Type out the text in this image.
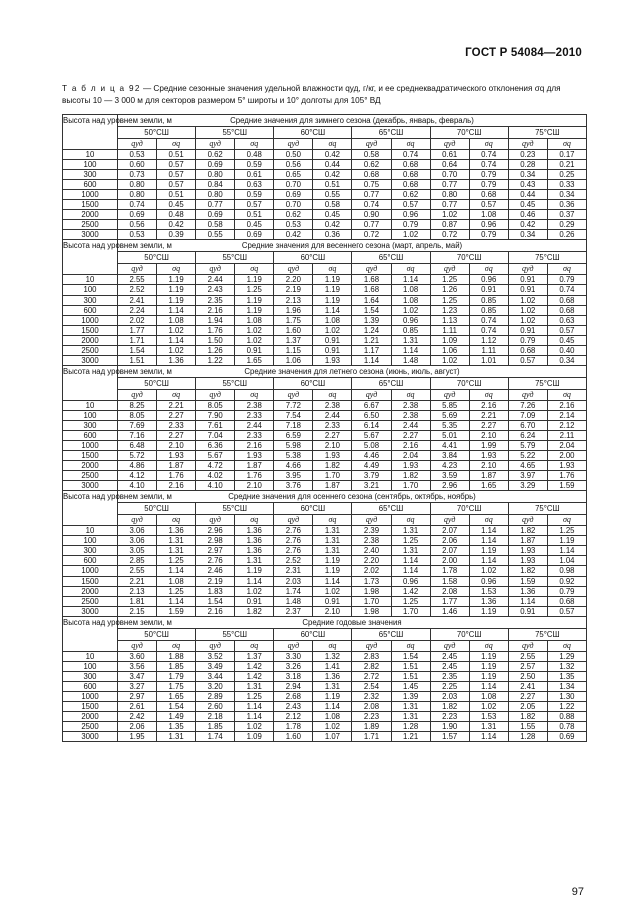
ГОСТ Р 54084—2010
Т а б л и ц а 92 — Средние сезонные значения удельной влажности qуд, г/кг, и ее среднеквадратического отклонения σq для высоты 10 — 3 000 м для секторов размером 5° широты и 10° долготы для 105° ВД
Высота над уровнем земли, м	Средние значения для зимнего сезона (декабрь, январь, февраль)											
	50°СШ		55°СШ		60°СШ		65°СШ		70°СШ		75°СШ	
	qуд	σq	qуд	σq	qуд	σq	qуд	σq	qуд	σq	qуд	σq
10	0.53	0.51	0.62	0.48	0.50	0.42	0.58	0.74	0.61	0.74	0.23	0.17
100	0.60	0.57	0.69	0.59	0.56	0.44	0.62	0.68	0.64	0.74	0.28	0.21
300	0.73	0.57	0.80	0.61	0.65	0.42	0.68	0.68	0.70	0.79	0.34	0.25
600	0.80	0.57	0.84	0.63	0.70	0.51	0.75	0.68	0.77	0.79	0.43	0.33
1000	0.80	0.51	0.80	0.59	0.69	0.55	0.77	0.62	0.80	0.68	0.44	0.34
1500	0.74	0.45	0.77	0.57	0.70	0.58	0.74	0.57	0.77	0.57	0.45	0.36
2000	0.69	0.48	0.69	0.51	0.62	0.45	0.90	0.96	1.02	1.08	0.46	0.37
2500	0.56	0.42	0.58	0.45	0.53	0.42	0.77	0.79	0.87	0.96	0.42	0.29
3000	0.53	0.39	0.55	0.69	0.42	0.36	0.72	1.02	0.72	0.79	0.34	0.26
Высота над уровнем земли, м	Средние значения для весеннего сезона (март, апрель, май)											
	50°СШ		55°СШ		60°СШ		65°СШ		70°СШ		75°СШ	
	qуд	σq	qуд	σq	qуд	σq	qуд	σq	qуд	σq	qуд	σq
10	2.55	1.19	2.44	1.19	2.20	1.19	1.68	1.14	1.25	0.96	0.91	0.79
100	2.52	1.19	2.43	1.25	2.19	1.19	1.68	1.08	1.26	0.91	0.91	0.74
300	2.41	1.19	2.35	1.19	2.13	1.19	1.64	1.08	1.25	0.85	1.02	0.68
600	2.24	1.14	2.16	1.19	1.96	1.14	1.54	1.02	1.23	0.85	1.02	0.68
1000	2.02	1.08	1.94	1.08	1.75	1.08	1.39	0.96	1.13	0.74	1.02	0.63
1500	1.77	1.02	1.76	1.02	1.60	1.02	1.24	0.85	1.11	0.74	0.91	0.57
2000	1.71	1.14	1.50	1.02	1.37	0.91	1.21	1.31	1.09	1.12	0.79	0.45
2500	1.54	1.02	1.26	0.91	1.15	0.91	1.17	1.14	1.06	1.11	0.68	0.40
3000	1.51	1.36	1.22	1.65	1.06	1.93	1.14	1.48	1.02	1.01	0.57	0.34
Высота над уровнем земли, м	Средние значения для летнего сезона (июнь, июль, август)											
	50°СШ		55°СШ		60°СШ		65°СШ		70°СШ		75°СШ	
	qуд	σq	qуд	σq	qуд	σq	qуд	σq	qуд	σq	qуд	σq
10	8.25	2.21	8.05	2.38	7.72	2.38	6.67	2.38	5.85	2.16	7.26	2.16
100	8.05	2.27	7.90	2.33	7.54	2.44	6.50	2.38	5.69	2.21	7.09	2.14
300	7.69	2.33	7.61	2.44	7.18	2.33	6.14	2.44	5.35	2.27	6.70	2.12
600	7.16	2.27	7.04	2.33	6.59	2.27	5.67	2.27	5.01	2.10	6.24	2.11
1000	6.48	2.10	6.36	2.16	5.98	2.10	5.08	2.16	4.41	1.99	5.79	2.04
1500	5.72	1.93	5.67	1.93	5.38	1.93	4.46	2.04	3.84	1.93	5.22	2.00
2000	4.86	1.87	4.72	1.87	4.66	1.82	4.49	1.93	4.23	2.10	4.65	1.93
2500	4.12	1.76	4.02	1.76	3.95	1.70	3.79	1.82	3.59	1.87	3.97	1.76
3000	4.10	2.16	4.10	2.10	3.76	1.87	3.21	1.70	2.96	1.65	3.29	1.59
Высота над уровнем земли, м	Средние значения для осеннего сезона (сентябрь, октябрь, ноябрь)											
	50°СШ		55°СШ		60°СШ		65°СШ		70°СШ		75°СШ	
	qуд	σq	qуд	σq	qуд	σq	qуд	σq	qуд	σq	qуд	σq
10	3.06	1.36	2.96	1.36	2.76	1.31	2.39	1.31	2.07	1.14	1.82	1.25
100	3.06	1.31	2.98	1.36	2.76	1.31	2.38	1.25	2.06	1.14	1.87	1.19
300	3.05	1.31	2.97	1.36	2.76	1.31	2.40	1.31	2.07	1.19	1.93	1.14
600	2.85	1.25	2.76	1.31	2.52	1.19	2.20	1.14	2.00	1.14	1.93	1.04
1000	2.55	1.14	2.46	1.19	2.31	1.19	2.02	1.14	1.78	1.02	1.82	0.98
1500	2.21	1.08	2.19	1.14	2.03	1.14	1.73	0.96	1.58	0.96	1.59	0.92
2000	2.13	1.25	1.83	1.02	1.74	1.02	1.98	1.42	2.08	1.53	1.36	0.79
2500	1.81	1.14	1.54	0.91	1.48	0.91	1.70	1.25	1.77	1.36	1.14	0.68
3000	2.15	1.59	2.16	1.82	2.37	2.10	1.98	1.70	1.46	1.19	0.91	0.57
Высота над уровнем земли, м	Средние годовые значения											
	50°СШ		55°СШ		60°СШ		65°СШ		70°СШ		75°СШ	
	qуд	σq	qуд	σq	qуд	σq	qуд	σq	qуд	σq	qуд	σq
10	3.60	1.88	3.52	1.37	3.30	1.32	2.83	1.54	2.45	1.19	2.55	1.29
100	3.56	1.85	3.49	1.42	3.26	1.41	2.82	1.51	2.45	1.19	2.57	1.32
300	3.47	1.79	3.44	1.42	3.18	1.36	2.72	1.51	2.35	1.19	2.50	1.35
600	3.27	1.75	3.20	1.31	2.94	1.31	2.54	1.45	2.25	1.14	2.41	1.34
1000	2.97	1.65	2.89	1.25	2.68	1.19	2.32	1.39	2.03	1.08	2.27	1.30
1500	2.61	1.54	2.60	1.14	2.43	1.14	2.08	1.31	1.82	1.02	2.05	1.22
2000	2.42	1.49	2.18	1.14	2.12	1.08	2.23	1.31	2.23	1.53	1.82	0.88
2500	2.06	1.35	1.85	1.02	1.78	1.02	1.89	1.28	1.90	1.31	1.55	0.78
3000	1.95	1.31	1.74	1.09	1.60	1.07	1.71	1.21	1.57	1.14	1.28	0.69
97
